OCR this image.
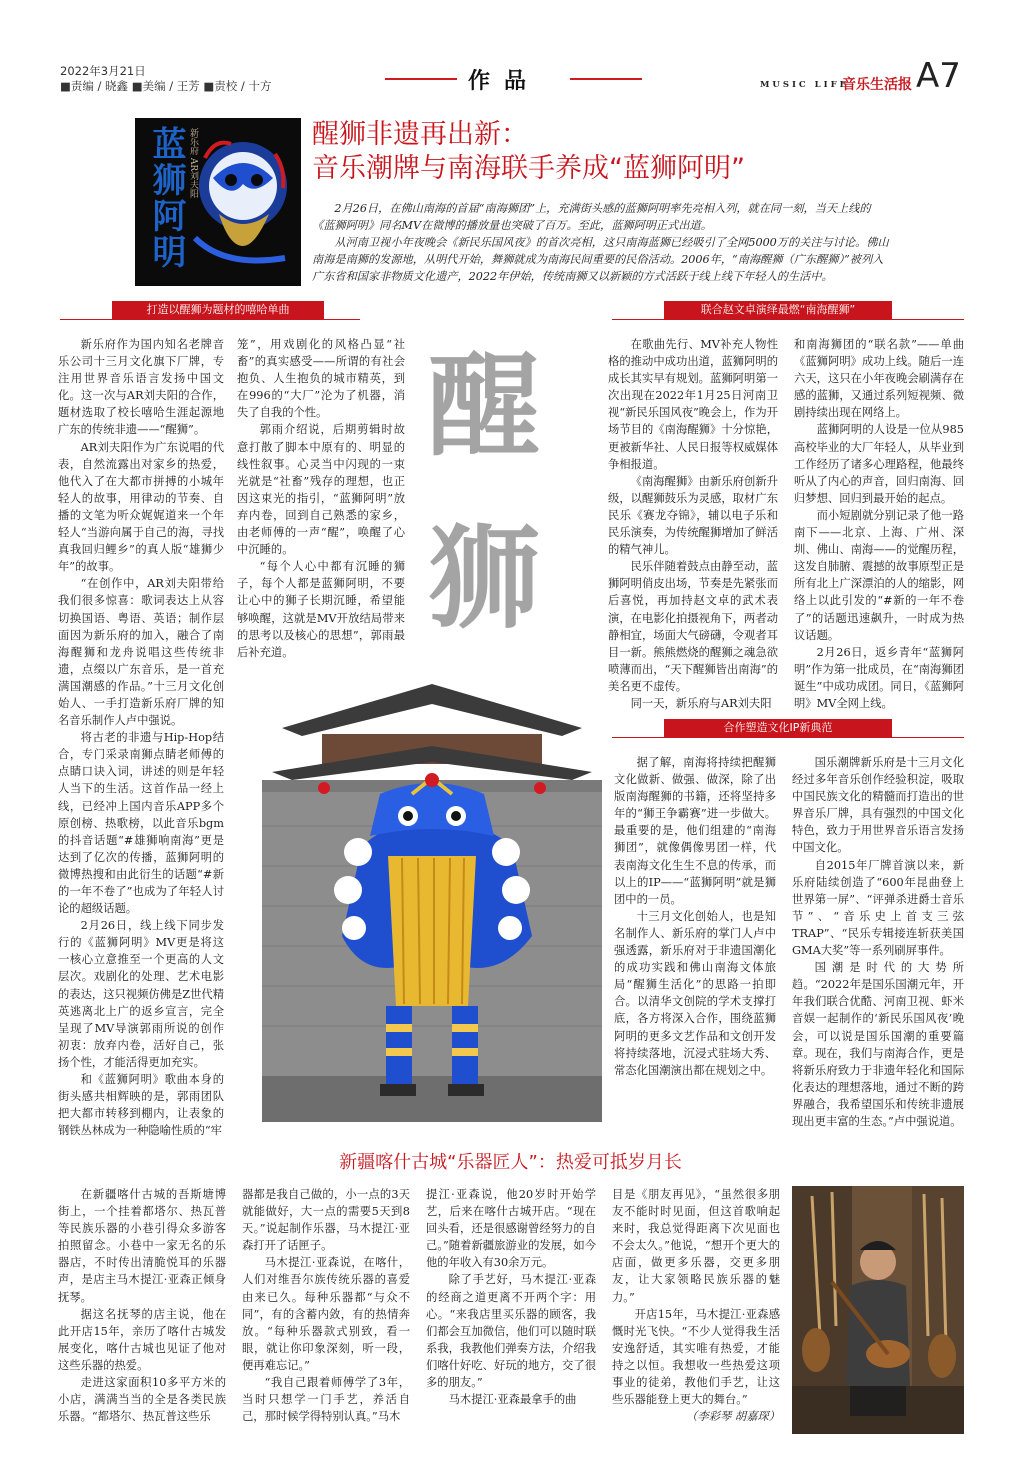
2022年3月21日
■责编 / 晓鑫 ■美编 / 王芳 ■责校 / 十方	作品	MUSIC LIFE
音乐生活报 A7
蓝狮阿明 新乐府 AR刘夫阳	醒狮非遗再出新：
音乐潮牌与南海联手养成“蓝狮阿明”

2月26日，在佛山南海的首届“南海狮团”上，充满街头感的蓝狮阿明率先亮相入列，就在同一刻，当天上线的《蓝狮阿明》同名MV在微博的播放量也突破了百万。至此，蓝狮阿明正式出道。

从河南卫视小年夜晚会《新民乐国风夜》的首次亮相，这只南海蓝狮已经吸引了全网5000万的关注与讨论。佛山南海是南狮的发源地，从明代开始，舞狮就成为南海民间重要的民俗活动。2006年，“南海醒狮（广东醒狮）”被列入广东省和国家非物质文化遗产，2022年伊始，传统南狮又以新颖的方式活跃于线上线下年轻人的生活中。

打造以醒狮为题材的嘻哈单曲	联合赵文卓演绎最燃“南海醒狮”
合作塑造文化IP新典范

新乐府作为国内知名老牌音乐公司十三月文化旗下厂牌，专注用世界音乐语言发扬中国文化。这一次与AR刘夫阳的合作，题材选取了校长嘻哈生涯起源地广东的传统非遗——“醒狮”。

AR刘夫阳作为广东说唱的代表，自然流露出对家乡的热爱，他代入了在大都市拼搏的小城年轻人的故事，用律动的节奏、自播的文笔为听众娓娓道来一个年轻人“当游向属于自己的海，寻找真我回归鲤乡”的真人版“雄狮少年”的故事。

“在创作中，AR刘夫阳带给我们很多惊喜：歌词表达上从容切换国语、粤语、英语；制作层面因为新乐府的加入，融合了南海醒狮和龙舟说唱这些传统非遗，点缀以广东音乐，是一首充满国潮感的作品。”十三月文化创始人、一手打造新乐府厂牌的知名音乐制作人卢中强说。

将古老的非遗与Hip-Hop结合，专门采录南狮点睛老师傅的点睛口诀入词，讲述的则是年轻人当下的生活。这首作品一经上线，已经冲上国内音乐APP多个原创榜、热歌榜，以此音乐bgm的抖音话题“#雄狮响南海”更是达到了亿次的传播，蓝狮阿明的微博热搜和由此衍生的话题“#新的一年不卷了”也成为了年轻人讨论的超级话题。

2月26日，线上线下同步发行的《蓝狮阿明》MV更是将这一核心立意推至一个更高的人文层次。戏剧化的处理、艺术电影的表达，这只视频仿佛是Z世代精英逃离北上广的返乡宣言，完全呈现了MV导演郭雨所说的创作初衷：放弃内卷，活好自己，张扬个性，才能活得更加充实。

和《蓝狮阿明》歌曲本身的街头感共相辉映的是，郭雨团队把大都市转移到棚内，让表象的钢铁丛林成为一种隐喻性质的“牢

笼”，用戏剧化的风格凸显“社畜”的真实感受——所谓的有社会抱负、人生抱负的城市精英，到在996的“大厂”沦为了机器，消失了自我的个性。

郭雨介绍说，后期剪辑时故意打散了脚本中原有的、明显的线性叙事。心灵当中闪现的一束光就是“社畜”残存的理想，也正因这束光的指引，“蓝狮阿明”放弃内卷，回到自己熟悉的家乡，由老师傅的一声“醒”，唤醒了心中沉睡的。

“每个人心中都有沉睡的狮子，每个人都是蓝狮阿明，不要让心中的狮子长期沉睡，希望能够唤醒，这就是MV开放结局带来的思考以及核心的思想”，郭雨最后补充道。

醒
狮

在歌曲先行、MV补充人物性格的推动中成功出道，蓝狮阿明的成长其实早有规划。蓝狮阿明第一次出现在2022年1月25日河南卫视“新民乐国风夜”晚会上，作为开场节目的《南海醒狮》十分惊艳，更被新华社、人民日报等权威媒体争相报道。

《南海醒狮》由新乐府创新升级，以醒狮鼓乐为灵感，取材广东民乐《赛龙夺锦》，辅以电子乐和民乐演奏，为传统醒狮增加了鲜活的精气神儿。

民乐伴随着鼓点由静至动，蓝狮阿明俏皮出场，节奏是先紧张而后喜悦，再加持赵文卓的武术表演，在电影化拍摄视角下，两者动静相宜，场面大气磅礴，令观者耳目一新。熊熊燃烧的醒狮之魂急欲喷薄而出，“天下醒狮皆出南海”的美名更不虚传。

同一天，新乐府与AR刘夫阳

和南海狮团的“联名款”——单曲《蓝狮阿明》成功上线。随后一连六天，这只在小年夜晚会刷满存在感的蓝狮，又通过系列短视频、微剧持续出现在网络上。

蓝狮阿明的人设是一位从985高校毕业的大厂年轻人，从毕业到工作经历了诸多心理路程，他最终听从了内心的声音，回归南海、回归梦想、回归到最开始的起点。

而小短剧就分别记录了他一路南下——北京、上海、广州、深圳、佛山、南海——的觉醒历程，这发自肺腑、震撼的故事原型正是所有北上广深漂泊的人的缩影，网络上以此引发的“#新的一年不卷了”的话题迅速飙升，一时成为热议话题。

2月26日，返乡青年“蓝狮阿明”作为第一批成员，在“南海狮团诞生”中成功成团。同日，《蓝狮阿明》MV全网上线。

据了解，南海将持续把醒狮文化做新、做强、做深，除了出版南海醒狮的书籍，还将坚持多年的“狮王争霸赛”进一步做大。最重要的是，他们组建的“南海狮团”，就像偶像男团一样，代表南海文化生生不息的传承，而以上的IP——“蓝狮阿明”就是狮团中的一员。

十三月文化创始人，也是知名制作人、新乐府的掌门人卢中强透露，新乐府对于非遗国潮化的成功实践和佛山南海文体旅局“醒狮生活化”的思路一拍即合。以清华文创院的学术支撑打底，各方将深入合作，围绕蓝狮阿明的更多文艺作品和文创开发将持续落地，沉浸式驻场大秀、常态化国潮演出都在规划之中。

国乐潮牌新乐府是十三月文化经过多年音乐创作经验积淀，吸取中国民族文化的精髓而打造出的世界音乐厂牌，具有强烈的中国文化特色，致力于用世界音乐语言发扬中国文化。

自2015年厂牌首演以来，新乐府陆续创造了“600年昆曲登上世界第一屏”、“评弹杀进爵士音乐节”、“音乐史上首支三弦TRAP”、“民乐专辑接连斩获美国GMA大奖”等一系列刷屏事件。

国潮是时代的大势所趋。“2022年是国乐国潮元年，开年我们联合优酷、河南卫视、虾米音娱一起制作的‘新民乐国风夜’晚会，可以说是国乐国潮的重要篇章。现在，我们与南海合作，更是将新乐府致力于非遗年轻化和国际化表达的理想落地，通过不断的跨界融合，我希望国乐和传统非遗展现出更丰富的生态。”卢中强说道。

新疆喀什古城“乐器匠人”：热爱可抵岁月长

在新疆喀什古城的吾斯塘博街上，一个挂着都塔尔、热瓦普等民族乐器的小巷引得众多游客拍照留念。小巷中一家无名的乐器店，不时传出清脆悦耳的乐器声，是店主马木提江·亚森正倾身抚琴。

据这名抚琴的店主说，他在此开店15年，亲历了喀什古城发展变化，喀什古城也见证了他对这些乐器的热爱。

走进这家面积10多平方米的小店，满满当当的全是各类民族乐器。“都塔尔、热瓦普这些乐

器都是我自己做的，小一点的3天就能做好，大一点的需要5天到8天。”说起制作乐器，马木提江·亚森打开了话匣子。

马木提江·亚森说，在喀什，人们对维吾尔族传统乐器的喜爱由来已久。每种乐器都“与众不同”，有的含蓄内敛，有的热情奔放。“每种乐器款式别致，看一眼，就让你印象深刻，听一段，便再难忘记。”

“我自己跟着师傅学了3年，当时只想学一门手艺，养活自己，那时候学得特别认真。”马木

提江·亚森说，他20岁时开始学艺，后来在喀什古城开店。“现在回头看，还是很感谢曾经努力的自己。”随着新疆旅游业的发展，如今他的年收入有30余万元。

除了手艺好，马木提江·亚森的经商之道更离不开两个字：用心。“来我店里买乐器的顾客，我们都会互加微信，他们可以随时联系我，我教他们弹奏方法，介绍我们喀什好吃、好玩的地方，交了很多的朋友。”

马木提江·亚森最拿手的曲

目是《朋友再见》，“虽然很多朋友不能时时见面，但这首歌响起来时，我总觉得距离下次见面也不会太久。”他说，“想开个更大的店面，做更多乐器，交更多朋友，让大家领略民族乐器的魅力。”

开店15年，马木提江·亚森感慨时光飞快。“不少人觉得我生活安逸舒适，其实唯有热爱，才能持之以恒。我想收一些热爱这项事业的徒弟，教他们手艺，让这些乐器能登上更大的舞台。”

（李彩琴 胡嘉琛）
